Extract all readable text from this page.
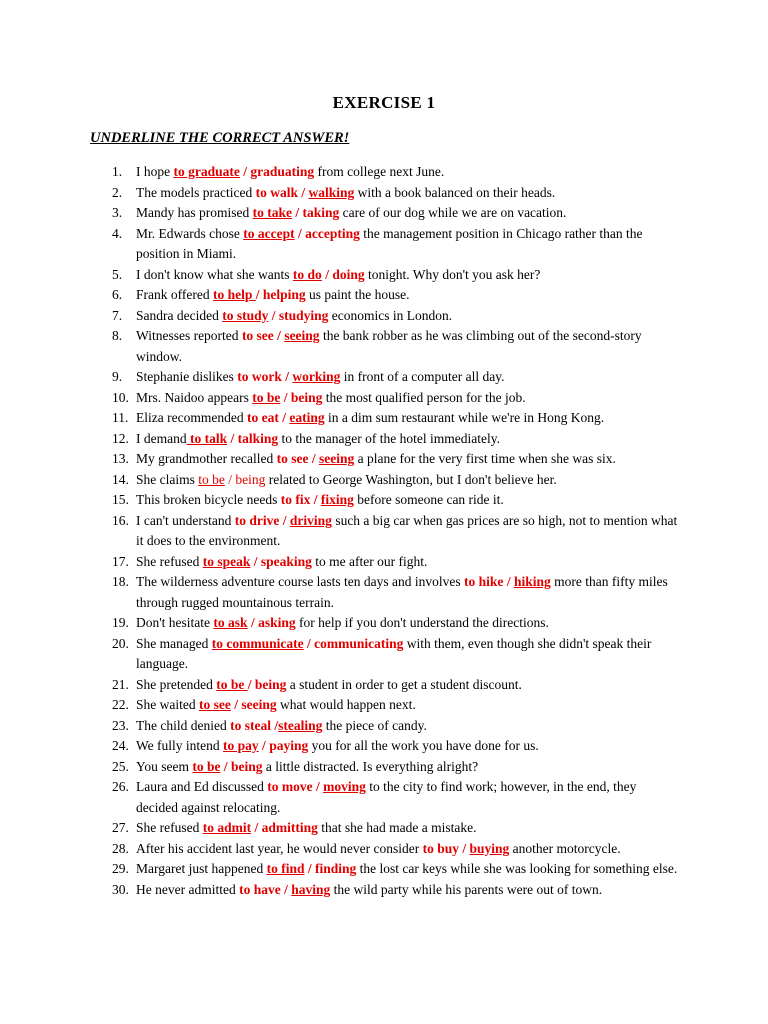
EXERCISE 1
UNDERLINE THE CORRECT ANSWER!
1. I hope to graduate / graduating from college next June.
2. The models practiced to walk / walking with a book balanced on their heads.
3. Mandy has promised to take / taking care of our dog while we are on vacation.
4. Mr. Edwards chose to accept / accepting the management position in Chicago rather than the position in Miami.
5. I don't know what she wants to do / doing tonight. Why don't you ask her?
6. Frank offered to help / helping us paint the house.
7. Sandra decided to study / studying economics in London.
8. Witnesses reported to see / seeing the bank robber as he was climbing out of the second-story window.
9. Stephanie dislikes to work / working in front of a computer all day.
10. Mrs. Naidoo appears to be / being the most qualified person for the job.
11. Eliza recommended to eat / eating in a dim sum restaurant while we're in Hong Kong.
12. I demand to talk / talking to the manager of the hotel immediately.
13. My grandmother recalled to see / seeing a plane for the very first time when she was six.
14. She claims to be / being related to George Washington, but I don't believe her.
15. This broken bicycle needs to fix / fixing before someone can ride it.
16. I can't understand to drive / driving such a big car when gas prices are so high, not to mention what it does to the environment.
17. She refused to speak / speaking to me after our fight.
18. The wilderness adventure course lasts ten days and involves to hike / hiking more than fifty miles through rugged mountainous terrain.
19. Don't hesitate to ask / asking for help if you don't understand the directions.
20. She managed to communicate / communicating with them, even though she didn't speak their language.
21. She pretended to be / being a student in order to get a student discount.
22. She waited to see / seeing what would happen next.
23. The child denied to steal /stealing the piece of candy.
24. We fully intend to pay / paying you for all the work you have done for us.
25. You seem to be / being a little distracted. Is everything alright?
26. Laura and Ed discussed to move / moving to the city to find work; however, in the end, they decided against relocating.
27. She refused to admit / admitting that she had made a mistake.
28. After his accident last year, he would never consider to buy / buying another motorcycle.
29. Margaret just happened to find / finding the lost car keys while she was looking for something else.
30. He never admitted to have / having the wild party while his parents were out of town.
